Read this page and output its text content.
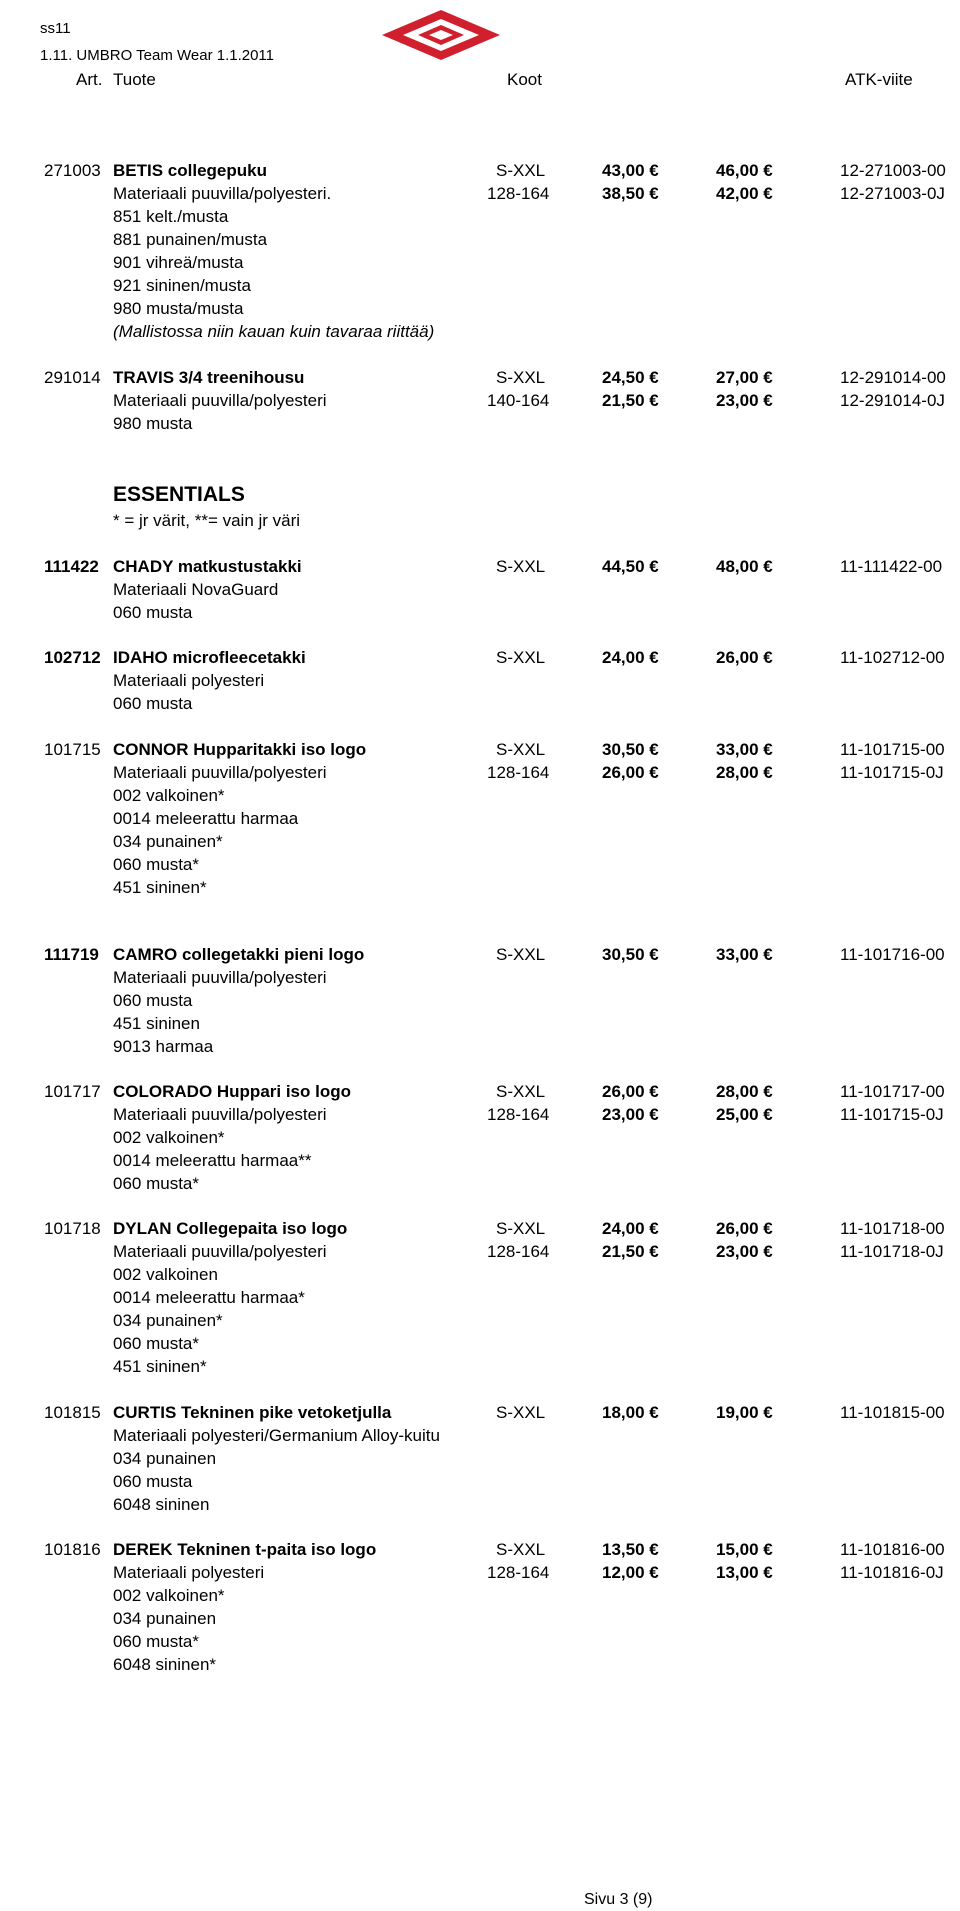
ss11
1.11. UMBRO Team Wear 1.1.2011
Art. Tuote	Koot	ATK-viite
271003 BETIS collegepuku	S-XXL	43,00 €	46,00 €	12-271003-00
Materiaali puuvilla/polyesteri.	128-164	38,50 €	42,00 €	12-271003-0J
851 kelt./musta
881 punainen/musta
901 vihreä/musta
921 sininen/musta
980 musta/musta
(Mallistossa niin kauan kuin tavaraa riittää)
291014 TRAVIS 3/4 treenihousu	S-XXL	24,50 €	27,00 €	12-291014-00
Materiaali puuvilla/polyesteri	140-164	21,50 €	23,00 €	12-291014-0J
980 musta
ESSENTIALS
* = jr värit, **= vain jr väri
111422 CHADY matkustustakki	S-XXL	44,50 €	48,00 €	11-111422-00
Materiaali NovaGuard
060 musta
102712 IDAHO microfleecetakki	S-XXL	24,00 €	26,00 €	11-102712-00
Materiaali polyesteri
060 musta
101715 CONNOR Hupparitakki iso logo	S-XXL	30,50 €	33,00 €	11-101715-00
Materiaali puuvilla/polyesteri	128-164	26,00 €	28,00 €	11-101715-0J
002 valkoinen*
0014 meleerattu harmaa
034 punainen*
060 musta*
451 sininen*
111719 CAMRO collegetakki pieni logo	S-XXL	30,50 €	33,00 €	11-101716-00
Materiaali puuvilla/polyesteri
060 musta
451 sininen
9013 harmaa
101717 COLORADO Huppari iso logo	S-XXL	26,00 €	28,00 €	11-101717-00
Materiaali puuvilla/polyesteri	128-164	23,00 €	25,00 €	11-101715-0J
002 valkoinen*
0014 meleerattu harmaa**
060 musta*
101718 DYLAN Collegepaita iso logo	S-XXL	24,00 €	26,00 €	11-101718-00
Materiaali puuvilla/polyesteri	128-164	21,50 €	23,00 €	11-101718-0J
002 valkoinen
0014 meleerattu harmaa*
034 punainen*
060 musta*
451 sininen*
101815 CURTIS Tekninen pike vetoketjulla	S-XXL	18,00 €	19,00 €	11-101815-00
Materiaali polyesteri/Germanium Alloy-kuitu
034 punainen
060 musta
6048 sininen
101816 DEREK Tekninen t-paita iso logo	S-XXL	13,50 €	15,00 €	11-101816-00
Materiaali polyesteri	128-164	12,00 €	13,00 €	11-101816-0J
002 valkoinen*
034 punainen
060 musta*
6048 sininen*
Sivu 3 (9)
